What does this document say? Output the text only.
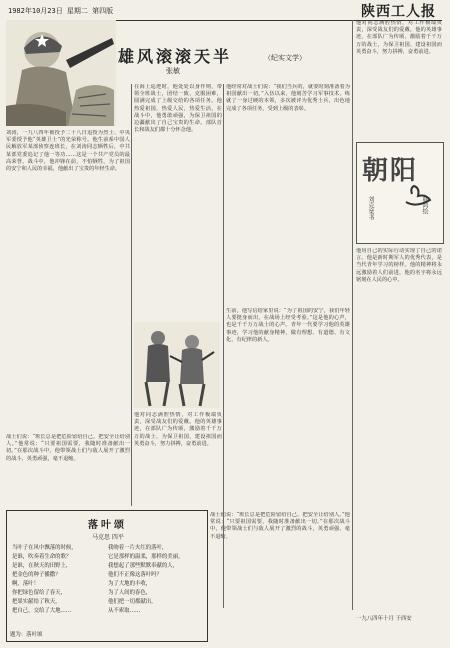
1982年10月23日 星期二 第四版	陕西工人报
雄风滚滚天半	（纪实文学）
张敏
刘涛，一九八四年被授予二十八日追授为烈士、中央军委授予他“英雄卫士”的光荣称号。他生前系中国人民解放军某部侦察连班长，在刘涛同志牺牲后，中共某部党委追记了他一等功……这是一个共产党员的最高荣誉。战斗中，他冲锋在前，不怕牺牲，为了祖国的安宁和人民的幸福，他献出了宝贵的年轻生命。
在海上巡逻时，他处处以身作则，带领全班战士，团结一致，克服困难，圆满完成了上级交给的各项任务。他热爱祖国，热爱人民，热爱生活。在战斗中，他勇敢顽强，为保卫祖国的边疆献出了自己宝贵的生命。部队首长和战友们都十分怀念他。
他经常对战士们说：“我们当兵的，就要时刻准备着为祖国献出一切。”入伍以来，他刻苦学习军事技术，练就了一身过硬的本领，多次被评为优秀士兵，出色地完成了各项任务，受到上级的表彰。
战士们说：“班长总是把危险留给自己，把安全让给别人。”他常说：“只要祖国需要，我随时准备献出一切。”在那次战斗中，他带领战士们与敌人展开了激烈的战斗，英勇顽强，毫不退缩。
他对同志满腔热情，对工作极端负责，深受战友们的爱戴。他的英雄事迹，在部队广为传颂，激励着千千万万的战士，为保卫祖国、建设祖国而英勇奋斗，努力拼搏，奋勇前进。
生前，他写信给家里说：“为了祖国的安宁，我们年轻人要挺身而出，在战场上经受考验。”这是他的心声，也是千千万万战士的心声。青年一代要学习他的英雄事迹，学习他的献身精神，做有理想、有道德、有文化、有纪律的新人。
他用自己的实际行动实现了自己的诺言。他是新时期军人的优秀代表，是当代青年学习的榜样。他的精神将永远激励着人们前进，他的名字将永远铭刻在人民的心中。
他对同志满腔热情，对工作极端负责，深受战友们的爱戴。他的英雄事迹，在部队广为传颂，激励着千千万万的战士，为保卫祖国、建设祖国而英勇奋斗，努力拼搏，奋勇前进。
战士们说：“班长总是把危险留给自己，把安全让给别人。”他常说：“只要祖国需要，我随时准备献出一切。”在那次战斗中，他带领战士们与敌人展开了激烈的战斗，英勇顽强，毫不退缩。
朝阳
刘克宽书	韩鸿绘
落叶颂
马克思 四平
当叶子在风中飘落的时候，
是谁，吹奏着生命的歌？
是谁，在秋天的田野上，
把金色的种子播撒？
啊，落叶！
你把绿色留给了春天，
把果实献给了秋天，
把自己，交给了大地……
我吻着一片火红的落叶，
它是那样的温柔，那样的美丽。
我想起了那些默默奉献的人，
他们不正像这落叶吗？
为了大地的丰收，
为了人间的春色，
他们把一切都献出，
从不索取……
题为：落叶颂
一九八四年十月 于西安
